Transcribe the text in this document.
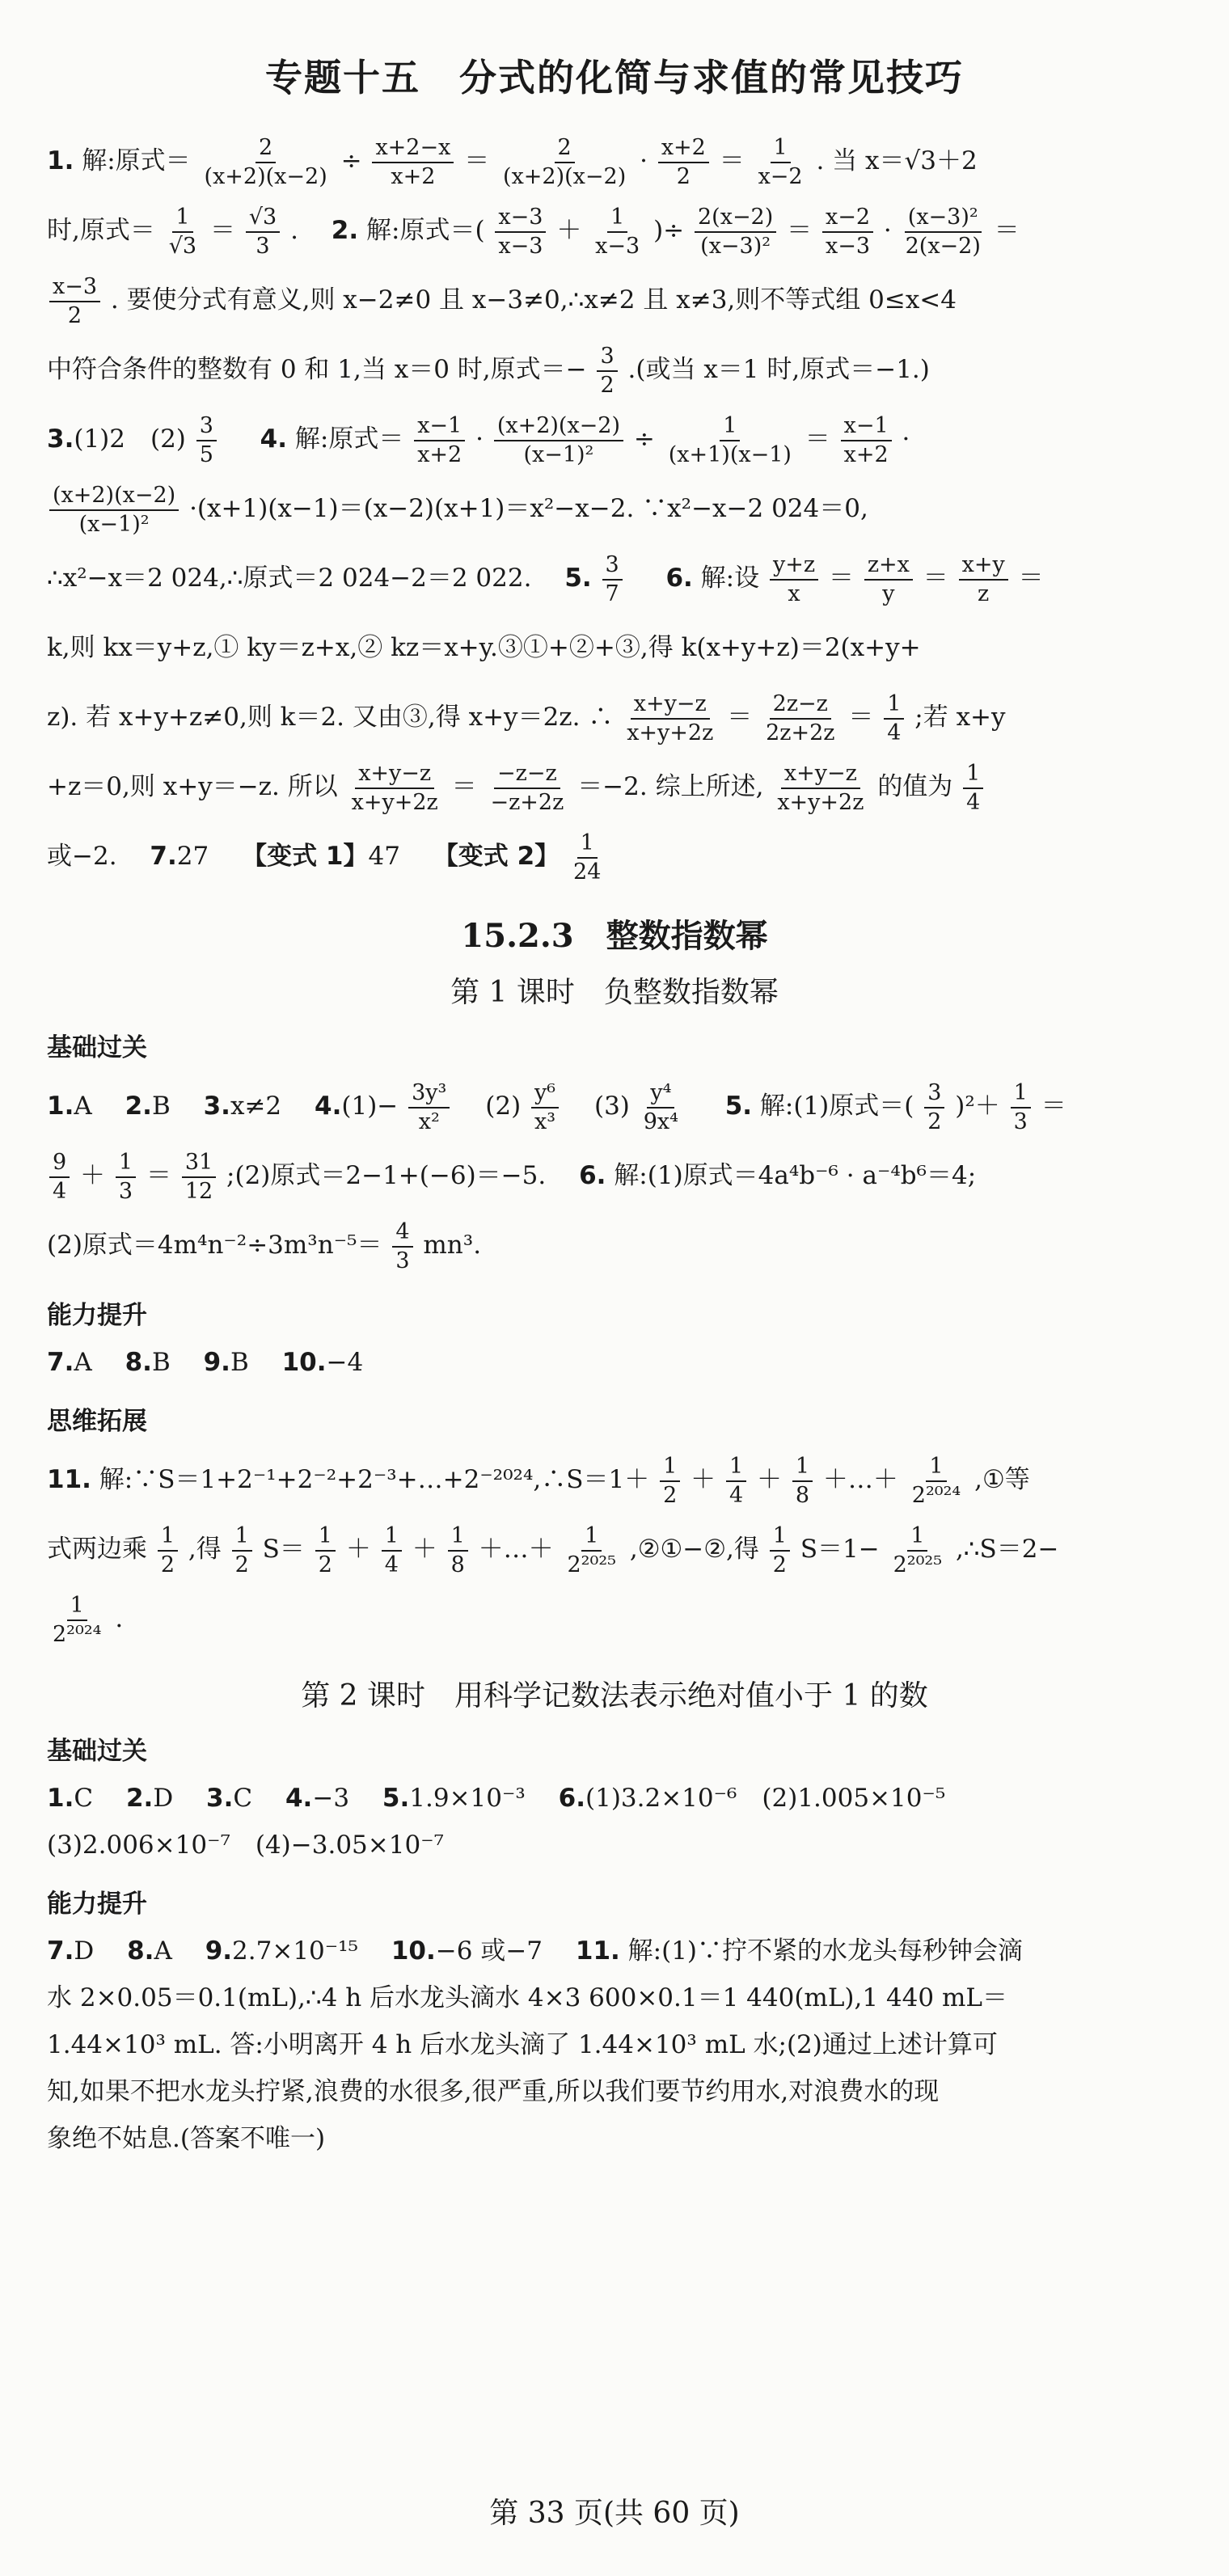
专题十五　分式的化简与求值的常见技巧
1. 解:原式＝ $\frac{2}{(x+2)(x-2)} \div \frac{x+2-x}{x+2} = \frac{2}{(x+2)(x-2)} \cdot \frac{x+2}{2} = \frac{1}{x-2}$ . 当 x＝√3＋2
时,原式＝ $\frac{1}{√3} = \frac{√3}{3}$ .　 2. 解:原式＝( $\frac{x-3}{x-3} + \frac{1}{x-3}$ )÷ $\frac{2(x-2)}{\text{(x−3)²}} = \frac{x-2}{x-3} \cdot \frac{\text{(x−3)²}}{2(x-2)}$ ＝
$\frac{x-3}{2}$ . 要使分式有意义,则 x−2≠0 且 x−3≠0,∴x≠2 且 x≠3,则不等式组 0≤x<4
中符合条件的整数有 0 和 1,当 x＝0 时,原式＝− $\frac{3}{2}$ .(或当 x＝1 时,原式＝−1.)
3.(1)2　$(2) \frac{3}{5}$
　 4. 解:原式＝ $\frac{x-1}{x+2} \cdot \frac{(x+2)(x-2)}{\text{(x−1)²}} \div \frac{1}{(x+1)(x-1)} = \frac{x-1}{x+2}$ ·
$\frac{(x+2)(x-2)}{\text{(x−1)²}} \cdot(x+1)(x-1)=(x-2)(x+1)=x^2-x-2$. ∵x²−x−2 024＝0,
∴x²−x＝2 024,∴原式＝2 024−2＝2 022.　 5. $\frac{3}{7}$
　 6. 解:设 $\frac{y+z}{x} = \frac{z+x}{y} = \frac{x+y}{z}$ ＝
k,则 kx＝y+z,① ky＝z+x,② kz＝x+y.③①+②+③,得 k(x+y+z)＝2(x+y+
z). 若 x+y+z≠0,则 k＝2. 又由③,得 x+y＝2z. ∴ $\frac{x+y-z}{x+y+2z} = \frac{2z-z}{2z+2z} = \frac{1}{4}$ ;若 x+y
+z＝0,则 x+y＝−z. 所以 $\frac{x+y-z}{x+y+2z} = \frac{-z-z}{-z+2z} =-2$. 综上所述, $\frac{x+y-z}{x+y+2z}$ 的值为 $\frac{1}{4}$
或−2.　 7.27　 【变式 1】47　 【变式 2】 $\frac{1}{24}$
15.2.3　整数指数幂
第 1 课时　负整数指数幂
基础过关
1.A　 2.B　 3.x≠2　 $4.(1)- \frac{\text{3y³}}{\text{x²}}$ 　$(2) \frac{\text{y⁶}}{\text{x³}}$ 　$(3) \frac{\text{y⁴}}{\text{9x⁴}}$
　 5. 解:(1)原式＝( $\frac{3}{2} )^2+ \frac{1}{3}$ ＝
$\frac{9}{4} + \frac{1}{3} = \frac{31}{12}$ ;(2)原式＝2−1+(−6)＝−5.　 6. 解:(1)原式＝4a⁴b⁻⁶ · a⁻⁴b⁶＝4;
(2)原式$=4m^4n^{-2}\div 3m^3n^{-5}= \frac{4}{3} mn^3$.
能力提升
7.A　 8.B　 9.B　 10.−4
思维拓展
11. 解:∵S＝1+2⁻¹+2⁻²+2⁻³+…+2⁻²⁰²⁴,∴S＝1＋ $\frac{1}{2} + \frac{1}{4} + \frac{1}{8}$ ＋…＋ $\frac{1}{\text{2²⁰²⁴}}$ ,①等
式两边乘 $\frac{1}{2}$ ,得 $\frac{1}{2} S= \frac{1}{2} + \frac{1}{4} + \frac{1}{8}$ ＋…＋ $\frac{1}{\text{2²⁰²⁵}}$ ,②①−②,得 $\frac{1}{2} S=1- \frac{1}{\text{2²⁰²⁵}}$ ,∴S＝2−
$\frac{1}{\text{2²⁰²⁴}}$ .
第 2 课时　用科学记数法表示绝对值小于 1 的数
基础过关
1.C　 2.D　 3.C　 4.−3　 5.1.9×10⁻³　 6.(1)3.2×10⁻⁶　(2)1.005×10⁻⁵
(3)2.006×10⁻⁷　(4)−3.05×10⁻⁷
能力提升
7.D　 8.A　 9.2.7×10⁻¹⁵　 10.−6 或−7　 11. 解:(1)∵拧不紧的水龙头每秒钟会滴
水 2×0.05＝0.1(mL),∴4 h 后水龙头滴水 4×3 600×0.1＝1 440(mL),1 440 mL＝
1.44×10³ mL. 答:小明离开 4 h 后水龙头滴了 1.44×10³ mL 水;(2)通过上述计算可
知,如果不把水龙头拧紧,浪费的水很多,很严重,所以我们要节约用水,对浪费水的现
象绝不姑息.(答案不唯一)
第 33 页(共 60 页)
